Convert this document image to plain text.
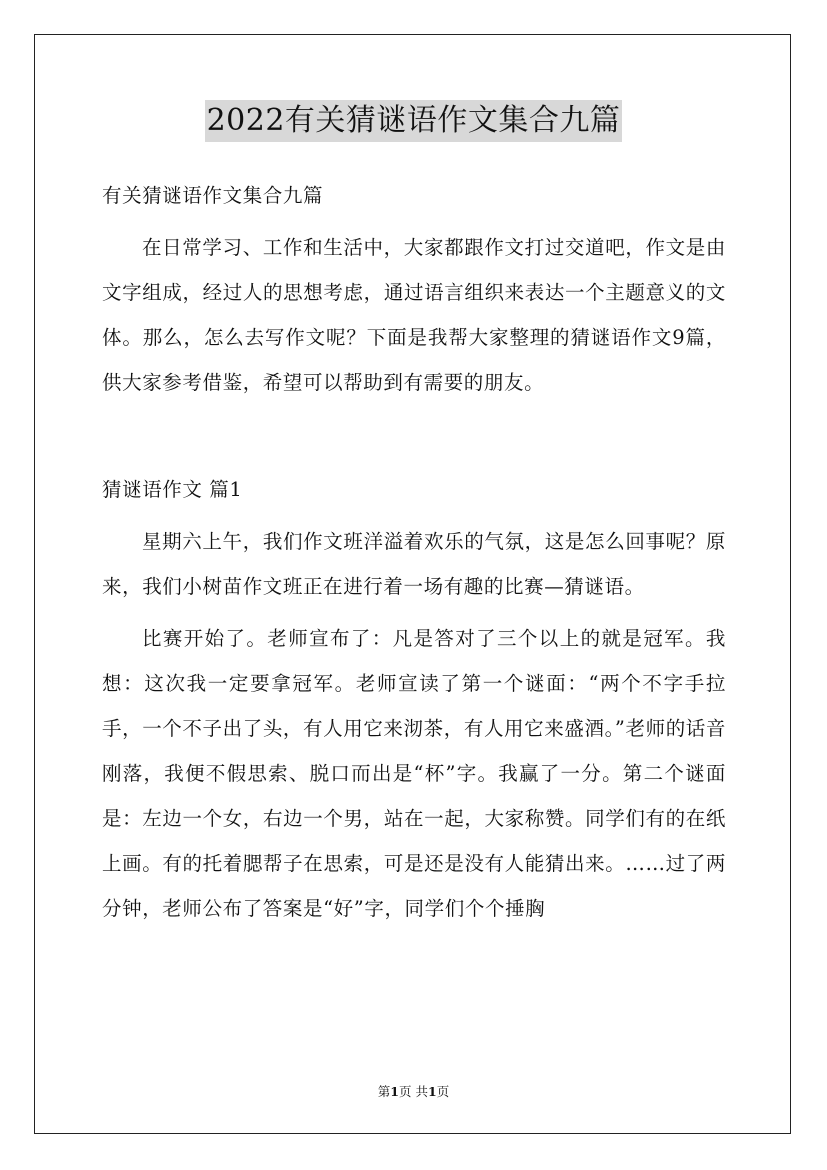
2022有关猜谜语作文集合九篇

有关猜谜语作文集合九篇

在日常学习、工作和生活中，大家都跟作文打过交道吧，作文是由文字组成，经过人的思想考虑，通过语言组织来表达一个主题意义的文体。那么，怎么去写作文呢？下面是我帮大家整理的猜谜语作文9篇，供大家参考借鉴，希望可以帮助到有需要的朋友。

猜谜语作文 篇1

星期六上午，我们作文班洋溢着欢乐的气氛，这是怎么回事呢？原来，我们小树苗作文班正在进行着一场有趣的比赛—猜谜语。

比赛开始了。老师宣布了：凡是答对了三个以上的就是冠军。我想：这次我一定要拿冠军。老师宣读了第一个谜面：“两个不字手拉手，一个不子出了头，有人用它来沏茶，有人用它来盛酒。”老师的话音刚落，我便不假思索、脱口而出是“杯”字。我赢了一分。第二个谜面是：左边一个女，右边一个男，站在一起，大家称赞。同学们有的在纸上画。有的托着腮帮子在思索，可是还是没有人能猜出来。……过了两分钟，老师公布了答案是“好”字，同学们个个捶胸

第1页 共1页
